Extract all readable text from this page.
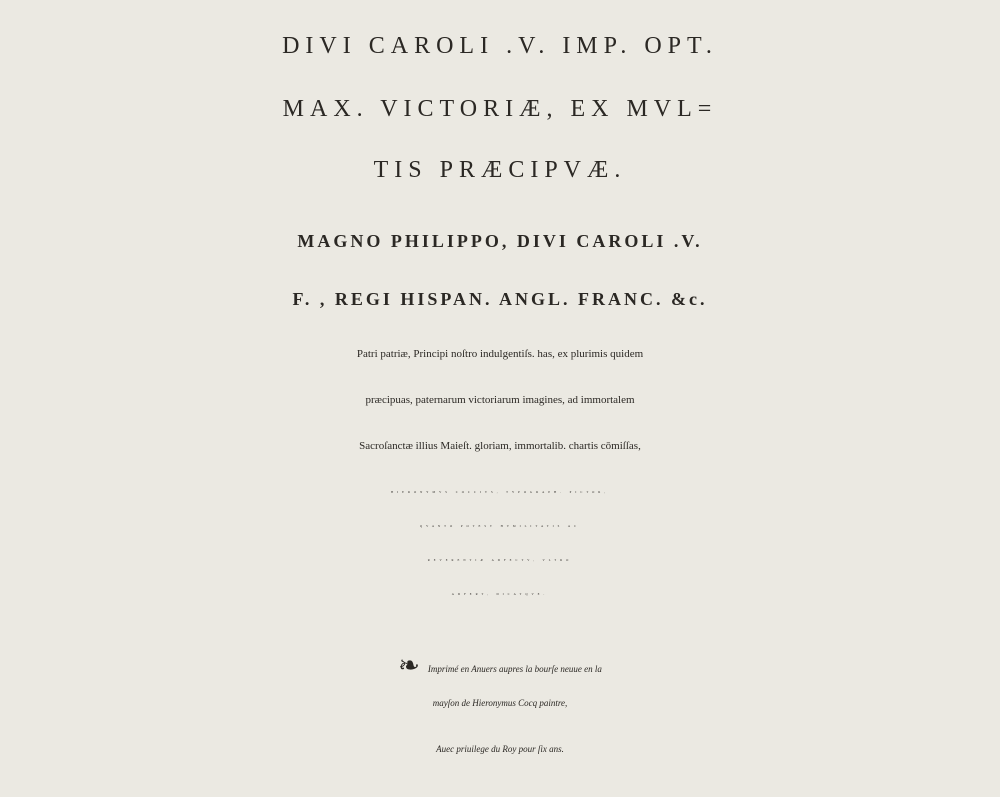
DIVI CAROLI .V. IMP. OPT.
MAX. VICTORIÆ, EX MVL=
TIS PRÆCIPVÆ.
MAGNO PHILIPPO, DIVI CAROLI .V.
F. , REGI HISPAN. ANGL. FRANC. &c.
Patri patriæ, Principi noſtro indulgentiſs. has, ex plurimis quidem
præcipuas, paternarum victoriarum imagines, ad immortalem
Sacroſanctæ illius Maieſt. gloriam, immortalib. chartis cōmiſſas,
HIERONYMVS COCCIVS, TYPOGRAPH. PICTOR,
QVANTO POTEST HVMILITATIS AC
REVERENTIÆ ADFECTV, VLTRO
ADFERT, DICATQVE.
❧ Imprimé en Anuers aupres la bourſe neuue en la
mayſon de Hieronymus Cocq paintre,
Auec priuilege du Roy pour ſix ans.
